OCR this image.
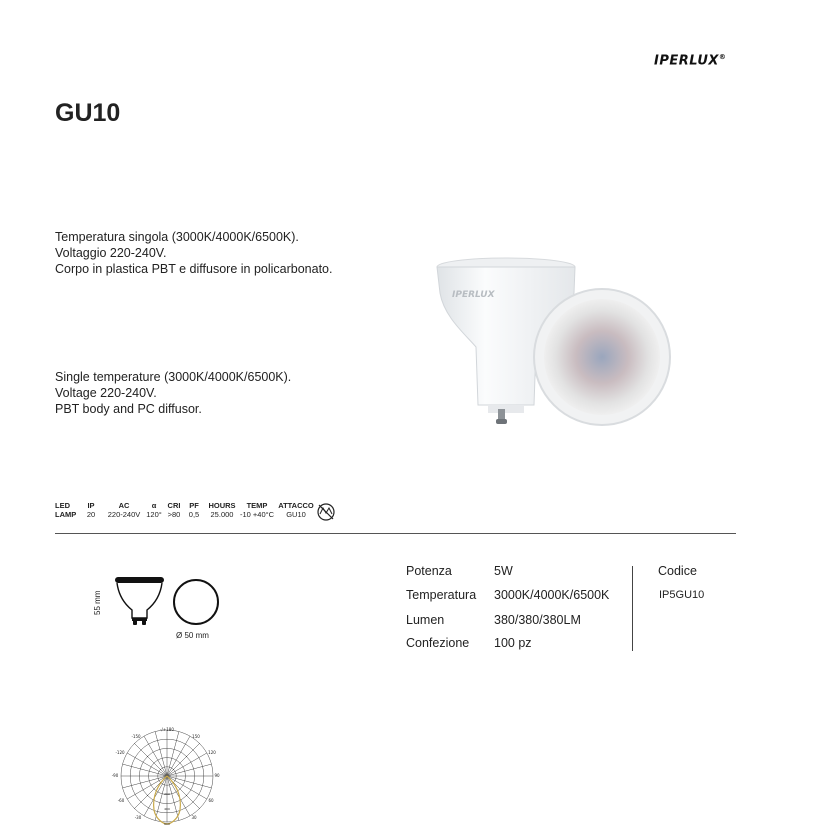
IPERLUX®
GU10
Temperatura singola (3000K/4000K/6500K).
Voltaggio 220-240V.
Corpo in plastica PBT e diffusore in policarbonato.
Single temperature (3000K/4000K/6500K).
Voltage 220-240V.
PBT body and PC diffusor.
IPERLUX
LED
LAMP
IP
20
AC
220-240V
α
120°
CRI
>80
PF
0,5
HOURS
25.000
TEMP
-10 +40°C
ATTACCO
GU10
55 mm
Ø 50 mm
Potenza	5W
Temperatura 3000K/4000K/6500K
Lumen	380/380/380LM
Confezione 100 pz
Codice
IP5GU10
-/+180
-150
-120
-90
-60
-30
150
120
90
60
30
200
400
600
